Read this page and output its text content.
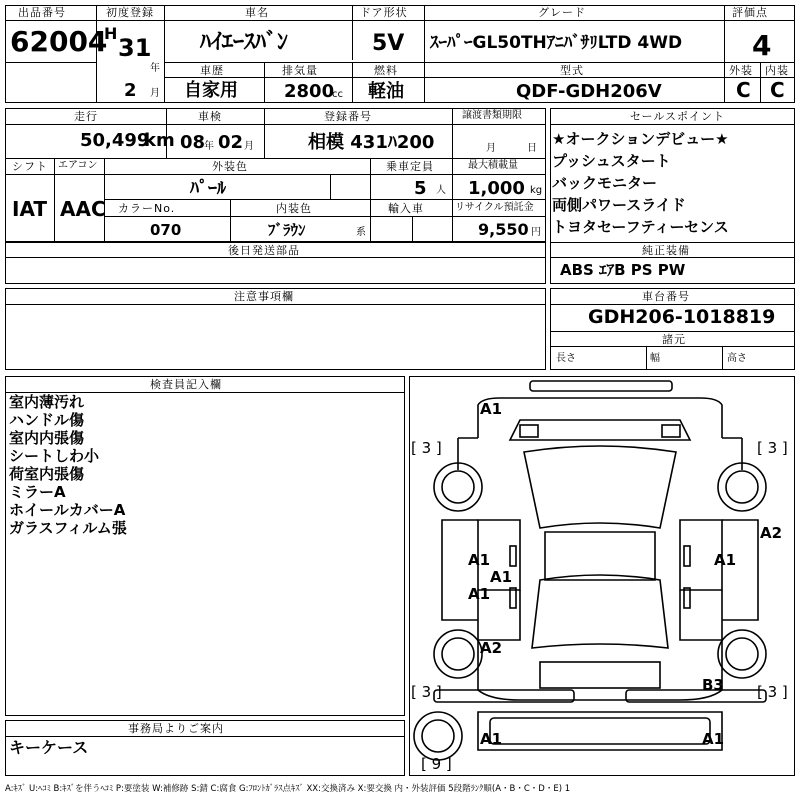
出品番号
62004
初度登録
H
31
年
2 月
車名
ﾊｲｴｰｽﾊﾞﾝ
ドア形状
5V
グレード
ｽｰﾊﾟｰGL50THｱﾆﾊﾞｻﾘLTD 4WD
評価点
4
車歴
自家用
排気量
2800
cc
燃料
軽油
型式
QDF-GDH206V
外装
C
内装
C
走行
50,499
km
車検
08
年 02 月
登録番号
相模 431ﾊ200
譲渡書類期限
月	日
シフト エアコン
IAT AAC
外装色
ﾊﾟｰﾙ
乗車定員
5 人
最大積載量
1,000 kg
カラーNo.
070
内装色
ﾌﾞﾗｳﾝ	系
輸入車	リサイクル預託金
9,550 円
後日発送部品
セールスポイント
★オークションデビュー★
プッシュスタート
バックモニター
両側パワースライド
トヨタセーフティーセンス
純正装備
ABS ｴｱB PS PW
注意事項欄	車台番号
GDH206-1018819
諸元
長さ	幅	高さ
検査員記入欄
室内薄汚れ
ハンドル傷
室内内張傷
シートしわ小
荷室内張傷
ミラーA
ホイールカバーA
ガラスフィルム張
事務局よりご案内
キーケース
A:ｷｽﾞ U:ﾍｺﾐ B:ｷｽﾞを伴うﾍｺﾐ P:要塗装 W:補修跡 S:錆 C:腐食 G:ﾌﾛﾝﾄｶﾞﾗｽ点ｷｽﾞ XX:交換済み X:要交換 内・外装評価 5段階ﾗﾝｸ順(A・B・C・D・E) 1
A1
A1
A1
A1
A1
A1
A2
A2
B3
A1
[ 3 ]	[ 3 ]
[ 3 ]	[ 3 ]
[ 9 ]
